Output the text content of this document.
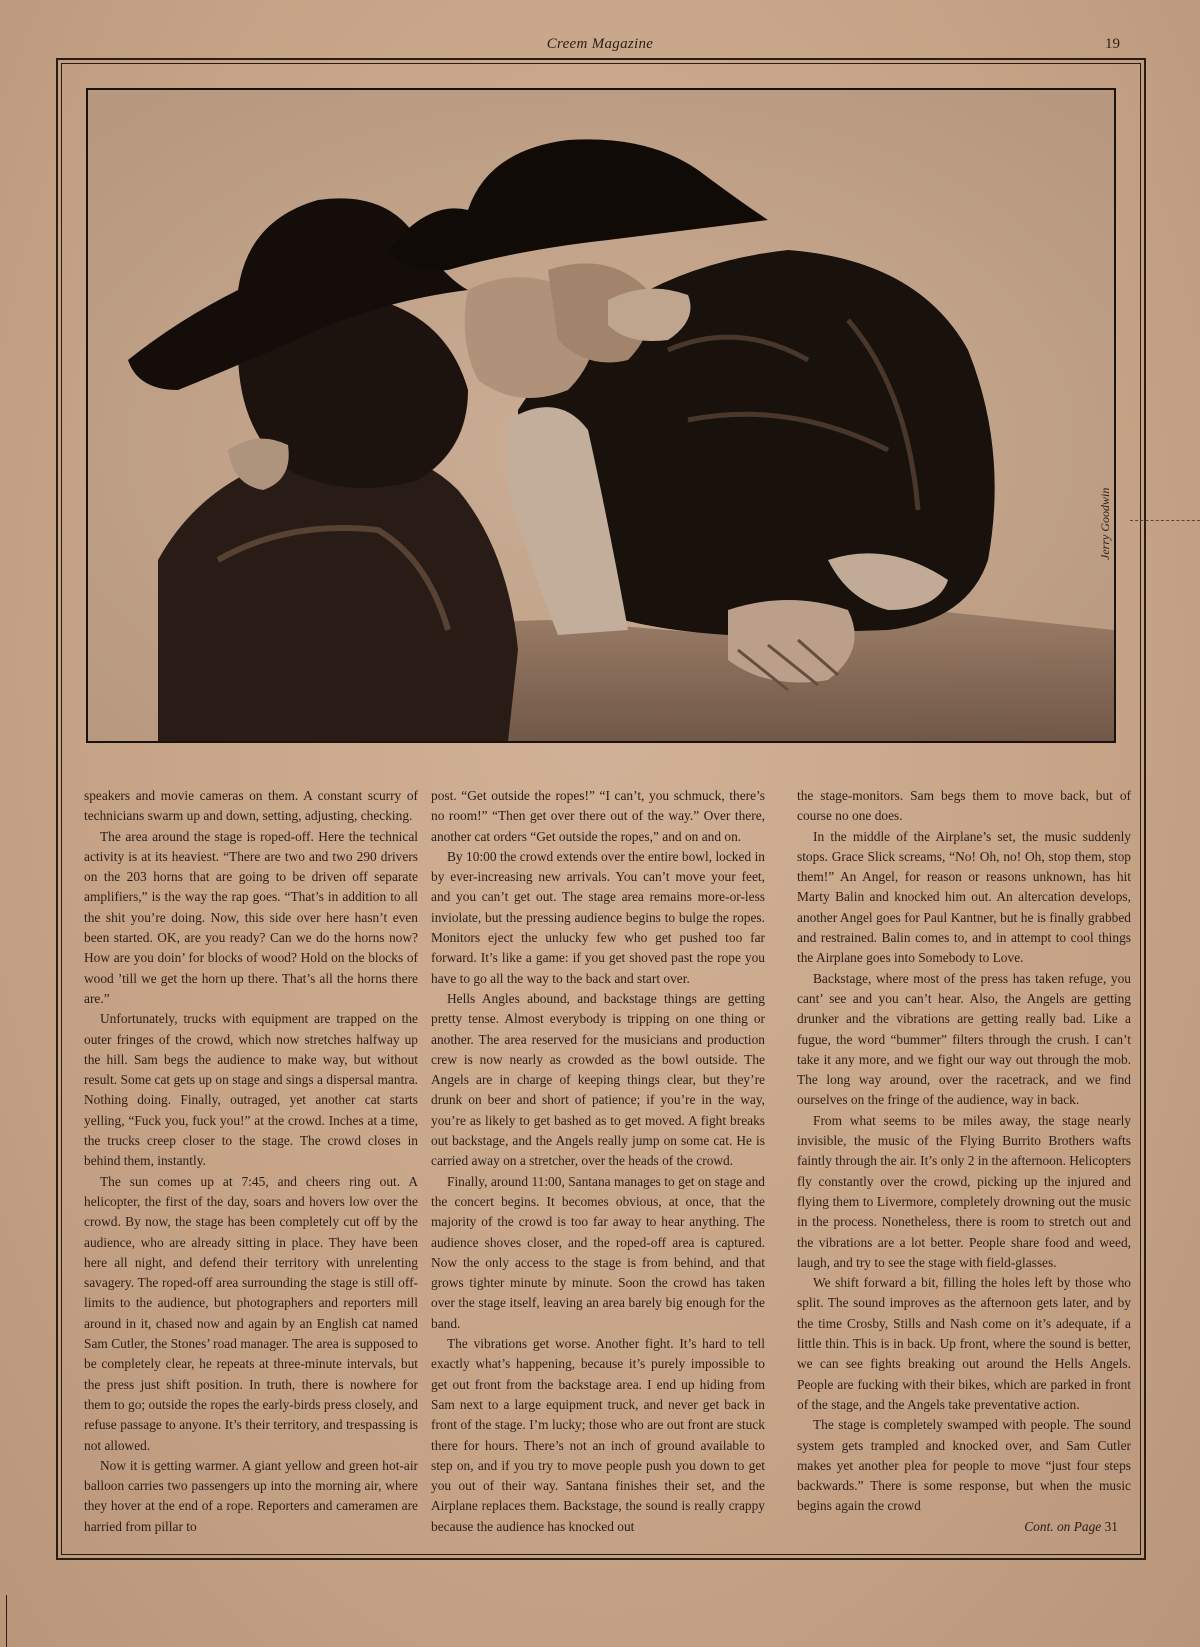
Creem Magazine	19
Jerry Goodwin

speakers and movie cameras on them. A constant scurry of technicians swarm up and down, setting, adjusting, checking.

The area around the stage is roped-off. Here the technical activity is at its heaviest. “There are two and two 290 drivers on the 203 horns that are going to be driven off separate amplifiers,” is the way the rap goes. “That’s in addition to all the shit you’re doing. Now, this side over here hasn’t even been started. OK, are you ready? Can we do the horns now? How are you doin’ for blocks of wood? Hold on the blocks of wood ’till we get the horn up there. That’s all the horns there are.”

Unfortunately, trucks with equipment are trapped on the outer fringes of the crowd, which now stretches halfway up the hill. Sam begs the audience to make way, but without result. Some cat gets up on stage and sings a dispersal mantra. Nothing doing. Finally, outraged, yet another cat starts yelling, “Fuck you, fuck you!” at the crowd. Inches at a time, the trucks creep closer to the stage. The crowd closes in behind them, instantly.

The sun comes up at 7:45, and cheers ring out. A helicopter, the first of the day, soars and hovers low over the crowd. By now, the stage has been completely cut off by the audience, who are already sitting in place. They have been here all night, and defend their territory with unrelenting savagery. The roped-off area surrounding the stage is still off-limits to the audience, but photographers and reporters mill around in it, chased now and again by an English cat named Sam Cutler, the Stones’ road manager. The area is supposed to be completely clear, he repeats at three-minute intervals, but the press just shift position. In truth, there is nowhere for them to go; outside the ropes the early-birds press closely, and refuse passage to anyone. It’s their territory, and trespassing is not allowed.

Now it is getting warmer. A giant yellow and green hot-air balloon carries two passengers up into the morning air, where they hover at the end of a rope. Reporters and cameramen are harried from pillar to

post. “Get outside the ropes!” “I can’t, you schmuck, there’s no room!” “Then get over there out of the way.” Over there, another cat orders “Get outside the ropes,” and on and on.

By 10:00 the crowd extends over the entire bowl, locked in by ever-increasing new arrivals. You can’t move your feet, and you can’t get out. The stage area remains more-or-less inviolate, but the pressing audience begins to bulge the ropes. Monitors eject the unlucky few who get pushed too far forward. It’s like a game: if you get shoved past the rope you have to go all the way to the back and start over.

Hells Angles abound, and backstage things are getting pretty tense. Almost everybody is tripping on one thing or another. The area reserved for the musicians and production crew is now nearly as crowded as the bowl outside. The Angels are in charge of keeping things clear, but they’re drunk on beer and short of patience; if you’re in the way, you’re as likely to get bashed as to get moved. A fight breaks out backstage, and the Angels really jump on some cat. He is carried away on a stretcher, over the heads of the crowd.

Finally, around 11:00, Santana manages to get on stage and the concert begins. It becomes obvious, at once, that the majority of the crowd is too far away to hear anything. The audience shoves closer, and the roped-off area is captured. Now the only access to the stage is from behind, and that grows tighter minute by minute. Soon the crowd has taken over the stage itself, leaving an area barely big enough for the band.

The vibrations get worse. Another fight. It’s hard to tell exactly what’s happening, because it’s purely impossible to get out front from the backstage area. I end up hiding from Sam next to a large equipment truck, and never get back in front of the stage. I’m lucky; those who are out front are stuck there for hours. There’s not an inch of ground available to step on, and if you try to move people push you down to get you out of their way. Santana finishes their set, and the Airplane replaces them. Backstage, the sound is really crappy because the audience has knocked out

the stage-monitors. Sam begs them to move back, but of course no one does.

In the middle of the Airplane’s set, the music suddenly stops. Grace Slick screams, “No! Oh, no! Oh, stop them, stop them!” An Angel, for reason or reasons unknown, has hit Marty Balin and knocked him out. An altercation develops, another Angel goes for Paul Kantner, but he is finally grabbed and restrained. Balin comes to, and in attempt to cool things the Airplane goes into Somebody to Love.

Backstage, where most of the press has taken refuge, you cant’ see and you can’t hear. Also, the Angels are getting drunker and the vibrations are getting really bad. Like a fugue, the word “bummer” filters through the crush. I can’t take it any more, and we fight our way out through the mob. The long way around, over the racetrack, and we find ourselves on the fringe of the audience, way in back.

From what seems to be miles away, the stage nearly invisible, the music of the Flying Burrito Brothers wafts faintly through the air. It’s only 2 in the afternoon. Helicopters fly constantly over the crowd, picking up the injured and flying them to Livermore, completely drowning out the music in the process. Nonetheless, there is room to stretch out and the vibrations are a lot better. People share food and weed, laugh, and try to see the stage with field-glasses.

We shift forward a bit, filling the holes left by those who split. The sound improves as the afternoon gets later, and by the time Crosby, Stills and Nash come on it’s adequate, if a little thin. This is in back. Up front, where the sound is better, we can see fights breaking out around the Hells Angels. People are fucking with their bikes, which are parked in front of the stage, and the Angels take preventative action.

The stage is completely swamped with people. The sound system gets trampled and knocked over, and Sam Cutler makes yet another plea for people to move “just four steps backwards.” There is some response, but when the music begins again the crowd

Cont. on Page 31
